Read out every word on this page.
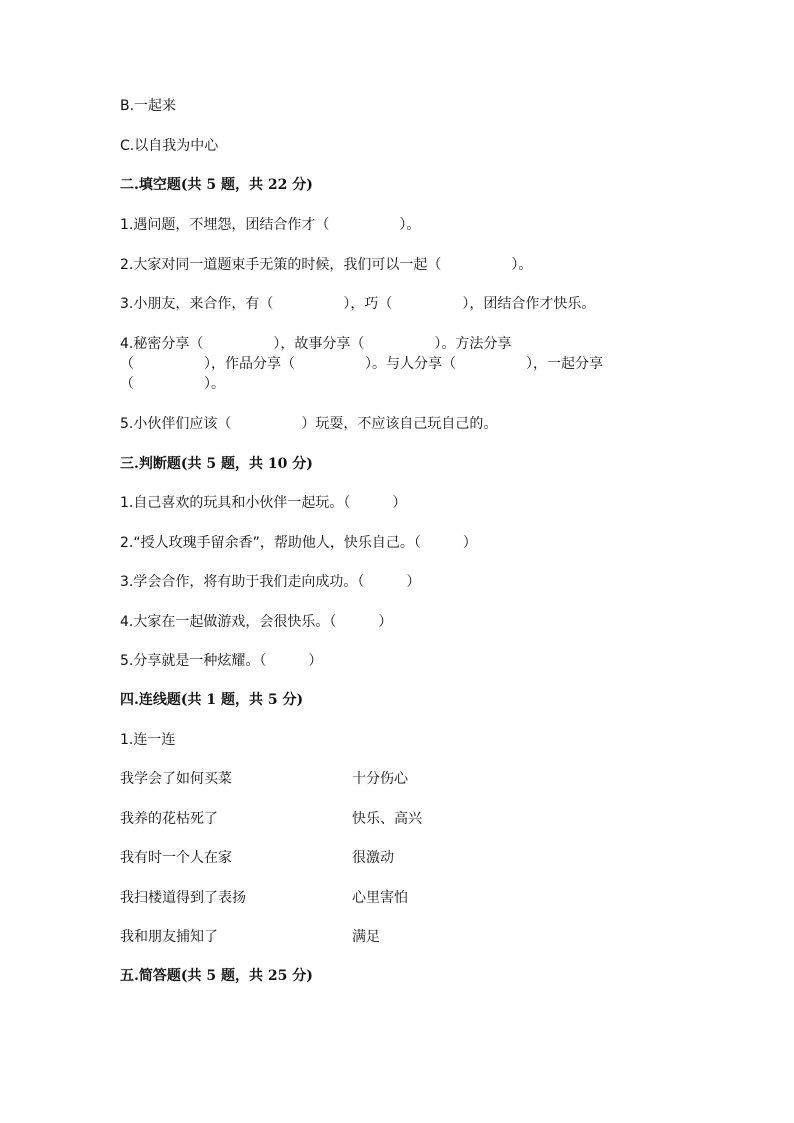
B.一起来
C.以自我为中心
二.填空题(共 5 题，共 22 分)
1.遇问题，不埋怨，团结合作才（　　　　　）。
2.大家对同一道题束手无策的时候，我们可以一起（　　　　　）。
3.小朋友，来合作，有（　　　　　），巧（　　　　　），团结合作才快乐。
4.秘密分享（　　　　　），故事分享（　　　　　）。方法分享
（　　　　　），作品分享（　　　　　）。与人分享（　　　　　），一起分享
（　　　　　）。
5.小伙伴们应该（　　　　　）玩耍，不应该自己玩自己的。
三.判断题(共 5 题，共 10 分)
1.自己喜欢的玩具和小伙伴一起玩。（　　　）
2.“授人玫瑰手留余香”，帮助他人，快乐自己。（　　　）
3.学会合作，将有助于我们走向成功。（　　　）
4.大家在一起做游戏，会很快乐。（　　　）
5.分享就是一种炫耀。（　　　）
四.连线题(共 1 题，共 5 分)
1.连一连
我学会了如何买菜	十分伤心
我养的花枯死了	快乐、高兴
我有时一个人在家	很激动
我扫楼道得到了表扬	心里害怕
我和朋友捕知了	满足
五.简答题(共 5 题，共 25 分)
